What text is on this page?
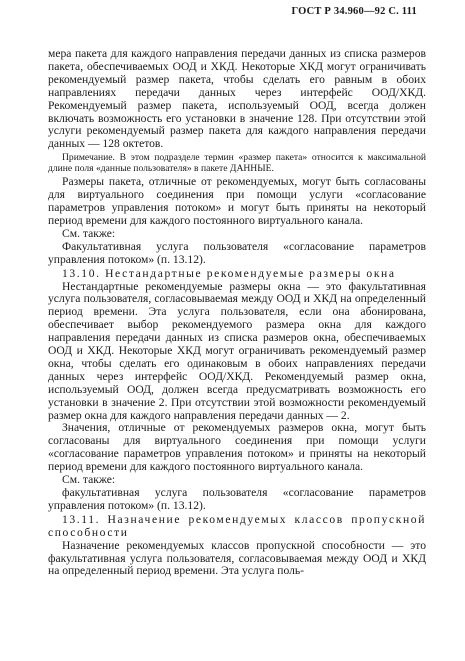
ГОСТ Р 34.960—92 С. 111

мера пакета для каждого направления передачи данных из списка размеров пакета, обеспечиваемых ООД и ХКД. Некоторые ХКД могут ограничивать рекомендуемый размер пакета, чтобы сделать его равным в обоих направлениях передачи данных через интерфейс ООД/ХКД. Рекомендуемый размер пакета, используемый ООД, всегда должен включать возможность его установки в значение 128. При отсутствии этой услуги рекомендуемый размер пакета для каждого направления передачи данных — 128 октетов.

Примечание. В этом подразделе термин «размер пакета» относится к максимальной длине поля «данные пользователя» в пакете ДАННЫЕ.

Размеры пакета, отличные от рекомендуемых, могут быть согласованы для виртуального соединения при помощи услуги «согласование параметров управления потоком» и могут быть приняты на некоторый период времени для каждого постоянного виртуального канала.

См. также:

Факультативная услуга пользователя «согласование параметров управления потоком» (п. 13.12).

13.10. Нестандартные рекомендуемые размеры окна

Нестандартные рекомендуемые размеры окна — это факультативная услуга пользователя, согласовываемая между ООД и ХКД на определенный период времени. Эта услуга пользователя, если она абонирована, обеспечивает выбор рекомендуемого размера окна для каждого направления передачи данных из списка размеров окна, обеспечиваемых ООД и ХКД. Некоторые ХКД могут ограничивать рекомендуемый размер окна, чтобы сделать его одинаковым в обоих направлениях передачи данных через интерфейс ООД/ХКД. Рекомендуемый размер окна, используемый ООД, должен всегда предусматривать возможность его установки в значение 2. При отсутствии этой возможности рекомендуемый размер окна для каждого направления передачи данных — 2.

Значения, отличные от рекомендуемых размеров окна, могут быть согласованы для виртуального соединения при помощи услуги «согласование параметров управления потоком» и приняты на некоторый период времени для каждого постоянного виртуального канала.

См. также:

факультативная услуга пользователя «согласование параметров управления потоком» (п. 13.12).

13.11. Назначение рекомендуемых классов пропускной способности

Назначение рекомендуемых классов пропускной способности — это факультативная услуга пользователя, согласовываемая между ООД и ХКД на определенный период времени. Эта услуга поль-
